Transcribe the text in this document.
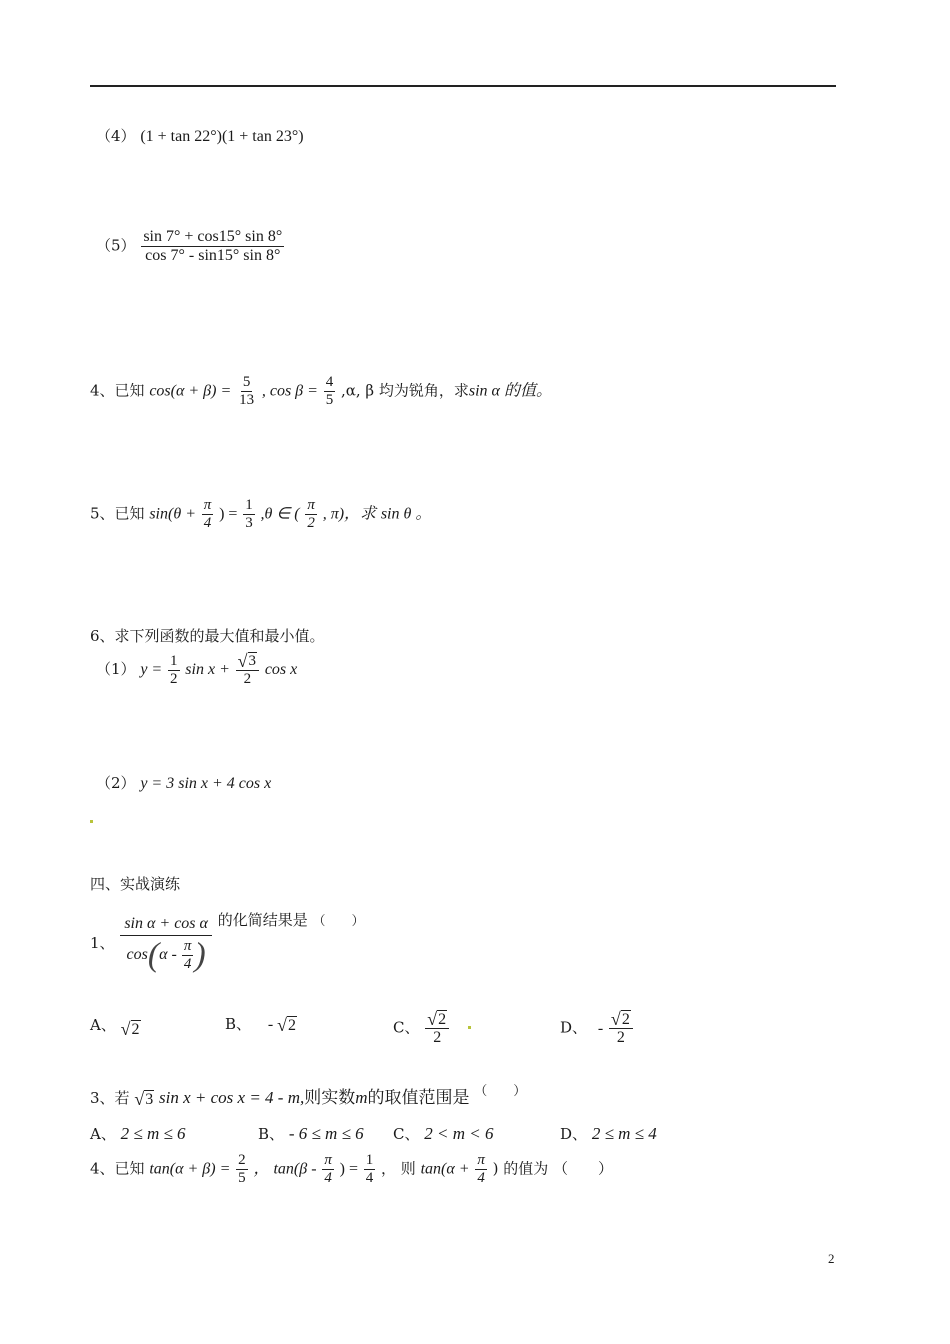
（4） (1 + tan 22°)(1 + tan 23°)
$(5) \frac{\sin 7^\circ + \cos 15^\circ \sin 8^\circ}{\cos 7^\circ - \sin 15^\circ \sin 8^\circ}$
4、已知 $\cos(\alpha + \beta) = \frac{5}{13}$ , $\cos \beta = \frac{4}{5} ,\alpha$, β 均为锐角，求sin α 的值。
5、已知 $\sin(\theta + \frac{\pi}{4}$ ) = $\frac{1}{3} ,\theta$ ∈ ( $\frac{\pi}{2}$ , π)，求 sin θ 。
6、求下列函数的最大值和最小值。
（1） $y = \frac{1}{2}$ $\sin x + \frac{√ 3}{2}$ cos x
（2） y = 3 sin x + 4 cos x
四、实战演练
1、 $\frac{\text{sin α + cos α}}{\cos(\alpha - \frac{\pi}{4} )}$ 的化简结果是 （　　）
A、 √ 2	B、 - √ 2	C、 $\frac{√ 2}{2}$	D、 - $\frac{√ 2}{2}$
3、若 √ 3 sin x + cos x = 4 - m,则实数m的取值范围是 （　　）
A、 2 ≤ m ≤ 6	B、 - 6 ≤ m ≤ 6 C、 2 < m < 6	D、 2 ≤ m ≤ 4
4、已知 $\tan(\alpha + \beta) = \frac{2}{5}$ ， $\tan(\beta - \frac{\pi}{4}$ ) = $\frac{1}{4}$ ， 则 $\tan(\alpha + \frac{\pi}{4}$ ) 的值为 （　　）
2
